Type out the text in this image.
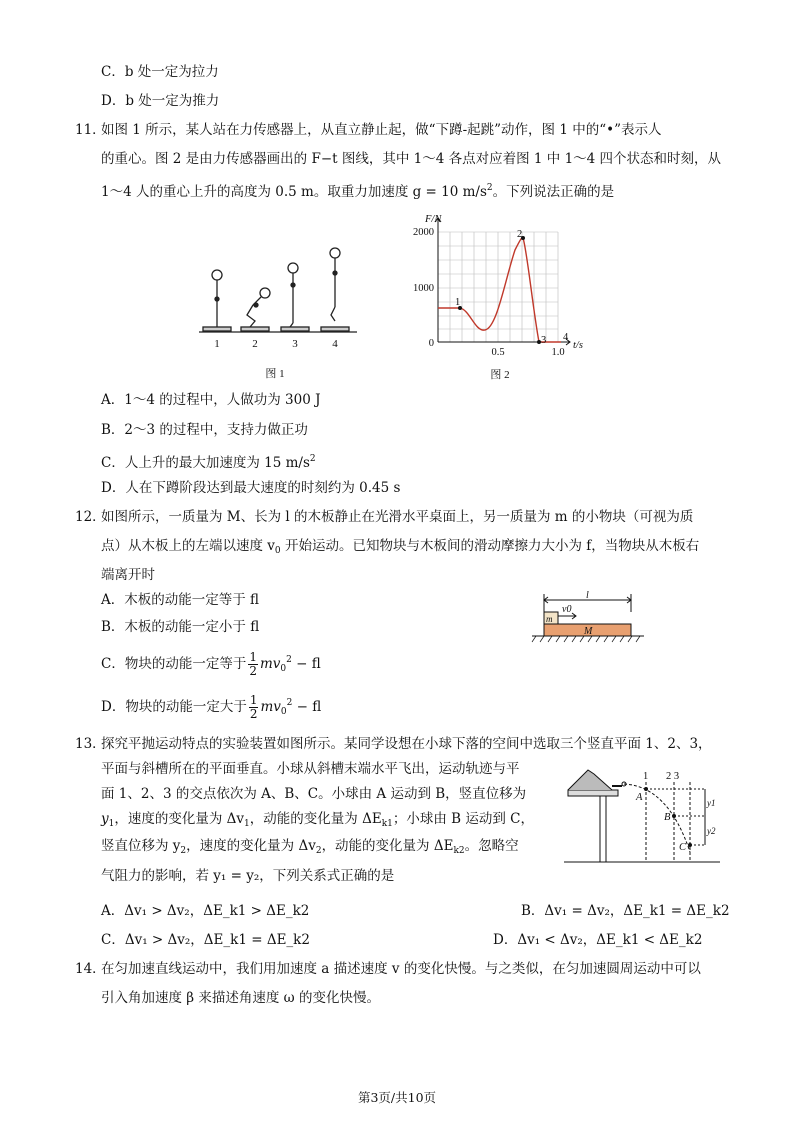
C．b 处一定为拉力
D．b 处一定为推力
11．如图 1 所示，某人站在力传感器上，从直立静止起，做“下蹲-起跳”动作，图 1 中的“•”表示人
的重心。图 2 是由力传感器画出的 F−t 图线，其中 1～4 各点对应着图 1 中 1～4 四个状态和时刻，从
1～4 人的重心上升的高度为 0.5 m。取重力加速度 g = 10 $m/s^2$。下列说法正确的是
1	2	3	4
图 1
F/N
t/s
2000
1000
0
0.5	1.0
1
2
3 4
图 2
A．1～4 的过程中，人做功为 300 J
B．2～3 的过程中，支持力做正功
C．人上升的最大加速度为 15 $m/s^2$
D．人在下蹲阶段达到最大速度的时刻约为 0.45 s
12．如图所示，一质量为 M、长为 l 的木板静止在光滑水平桌面上，另一质量为 m 的小物块（可视为质
点）从木板上的左端以速度 $v_0$ 开始运动。已知物块与木板间的滑动摩擦力大小为 f，当物块从木板右
端离开时
A．木板的动能一定等于 fl
B．木板的动能一定小于 fl
C．物块的动能一定等于 $\frac{1}{2} mv_0^2$ − fl
D．物块的动能一定大于 $\frac{1}{2} mv_0^2$ − fl
l
v0
m
M
13．探究平抛运动特点的实验装置如图所示。某同学设想在小球下落的空间中选取三个竖直平面 1、2、3，
平面与斜槽所在的平面垂直。小球从斜槽末端水平飞出，运动轨迹与平
面 1、2、3 的交点依次为 A、B、C。小球由 A 运动到 B，竖直位移为
$y_1$，速度的变化量为 $\Delta v_1$，动能的变化量为 $\Delta E_{k1}$；小球由 B 运动到 C，
竖直位移为 $y_2$，速度的变化量为 $\Delta v_2$，动能的变化量为 $\Delta E_{k2}$。忽略空
气阻力的影响，若 y₁ = y₂，下列关系式正确的是
1 2 3
A
B
C
y1
y2
A．Δv₁ > Δv₂，ΔE_k1 > ΔE_k2	B．Δv₁ = Δv₂，ΔE_k1 = ΔE_k2
C．Δv₁ > Δv₂，ΔE_k1 = ΔE_k2	D．Δv₁ < Δv₂，ΔE_k1 < ΔE_k2
14．在匀加速直线运动中，我们用加速度 a 描述速度 v 的变化快慢。与之类似，在匀加速圆周运动中可以
引入角加速度 β 来描述角速度 ω 的变化快慢。
第3页/共10页
